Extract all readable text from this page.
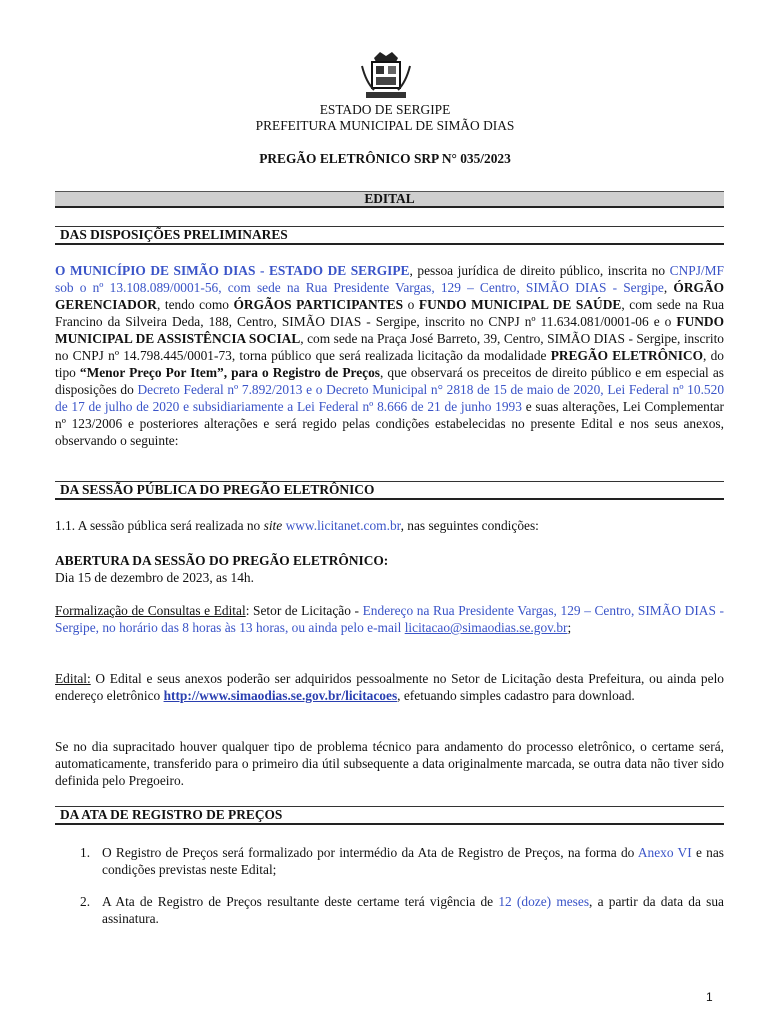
ESTADO DE SERGIPE
PREFEITURA MUNICIPAL DE SIMÃO DIAS
PREGÃO ELETRÔNICO SRP N° 035/2023
EDITAL
DAS DISPOSIÇÕES PRELIMINARES

O MUNICÍPIO DE SIMÃO DIAS - ESTADO DE SERGIPE, pessoa jurídica de direito público, inscrita no CNPJ/MF sob o nº 13.108.089/0001-56, com sede na Rua Presidente Vargas, 129 – Centro, SIMÃO DIAS - Sergipe, ÓRGÃO GERENCIADOR, tendo como ÓRGÃOS PARTICIPANTES o FUNDO MUNICIPAL DE SAÚDE, com sede na Rua Francino da Silveira Deda, 188, Centro, SIMÃO DIAS - Sergipe, inscrito no CNPJ nº 11.634.081/0001-06 e o FUNDO MUNICIPAL DE ASSISTÊNCIA SOCIAL, com sede na Praça José Barreto, 39, Centro, SIMÃO DIAS - Sergipe, inscrito no CNPJ nº 14.798.445/0001-73, torna público que será realizada licitação da modalidade PREGÃO ELETRÔNICO, do tipo “Menor Preço Por Item”, para o Registro de Preços, que observará os preceitos de direito público e em especial as disposições do Decreto Federal nº 7.892/2013 e o Decreto Municipal n° 2818 de 15 de maio de 2020, Lei Federal nº 10.520 de 17 de julho de 2020 e subsidiariamente a Lei Federal nº 8.666 de 21 de junho 1993 e suas alterações, Lei Complementar nº 123/2006 e posteriores alterações e será regido pelas condições estabelecidas no presente Edital e nos seus anexos, observando o seguinte:

DA SESSÃO PÚBLICA DO PREGÃO ELETRÔNICO

1.1. A sessão pública será realizada no site www.licitanet.com.br, nas seguintes condições:

ABERTURA DA SESSÃO DO PREGÃO ELETRÔNICO:

Dia 15 de dezembro de 2023, as 14h.

Formalização de Consultas e Edital: Setor de Licitação - Endereço na Rua Presidente Vargas, 129 – Centro, SIMÃO DIAS - Sergipe, no horário das 8 horas às 13 horas, ou ainda pelo e-mail licitacao@simaodias.se.gov.br;

Edital: O Edital e seus anexos poderão ser adquiridos pessoalmente no Setor de Licitação desta Prefeitura, ou ainda pelo endereço eletrônico http://www.simaodias.se.gov.br/licitacoes, efetuando simples cadastro para download.

Se no dia supracitado houver qualquer tipo de problema técnico para andamento do processo eletrônico, o certame será, automaticamente, transferido para o primeiro dia útil subsequente a data originalmente marcada, se outra data não tiver sido definida pelo Pregoeiro.
DA ATA DE REGISTRO DE PREÇOS
1. O Registro de Preços será formalizado por intermédio da Ata de Registro de Preços, na forma do Anexo VI e nas condições previstas neste Edital;
2. A Ata de Registro de Preços resultante deste certame terá vigência de 12 (doze) meses, a partir da data da sua assinatura.
1
